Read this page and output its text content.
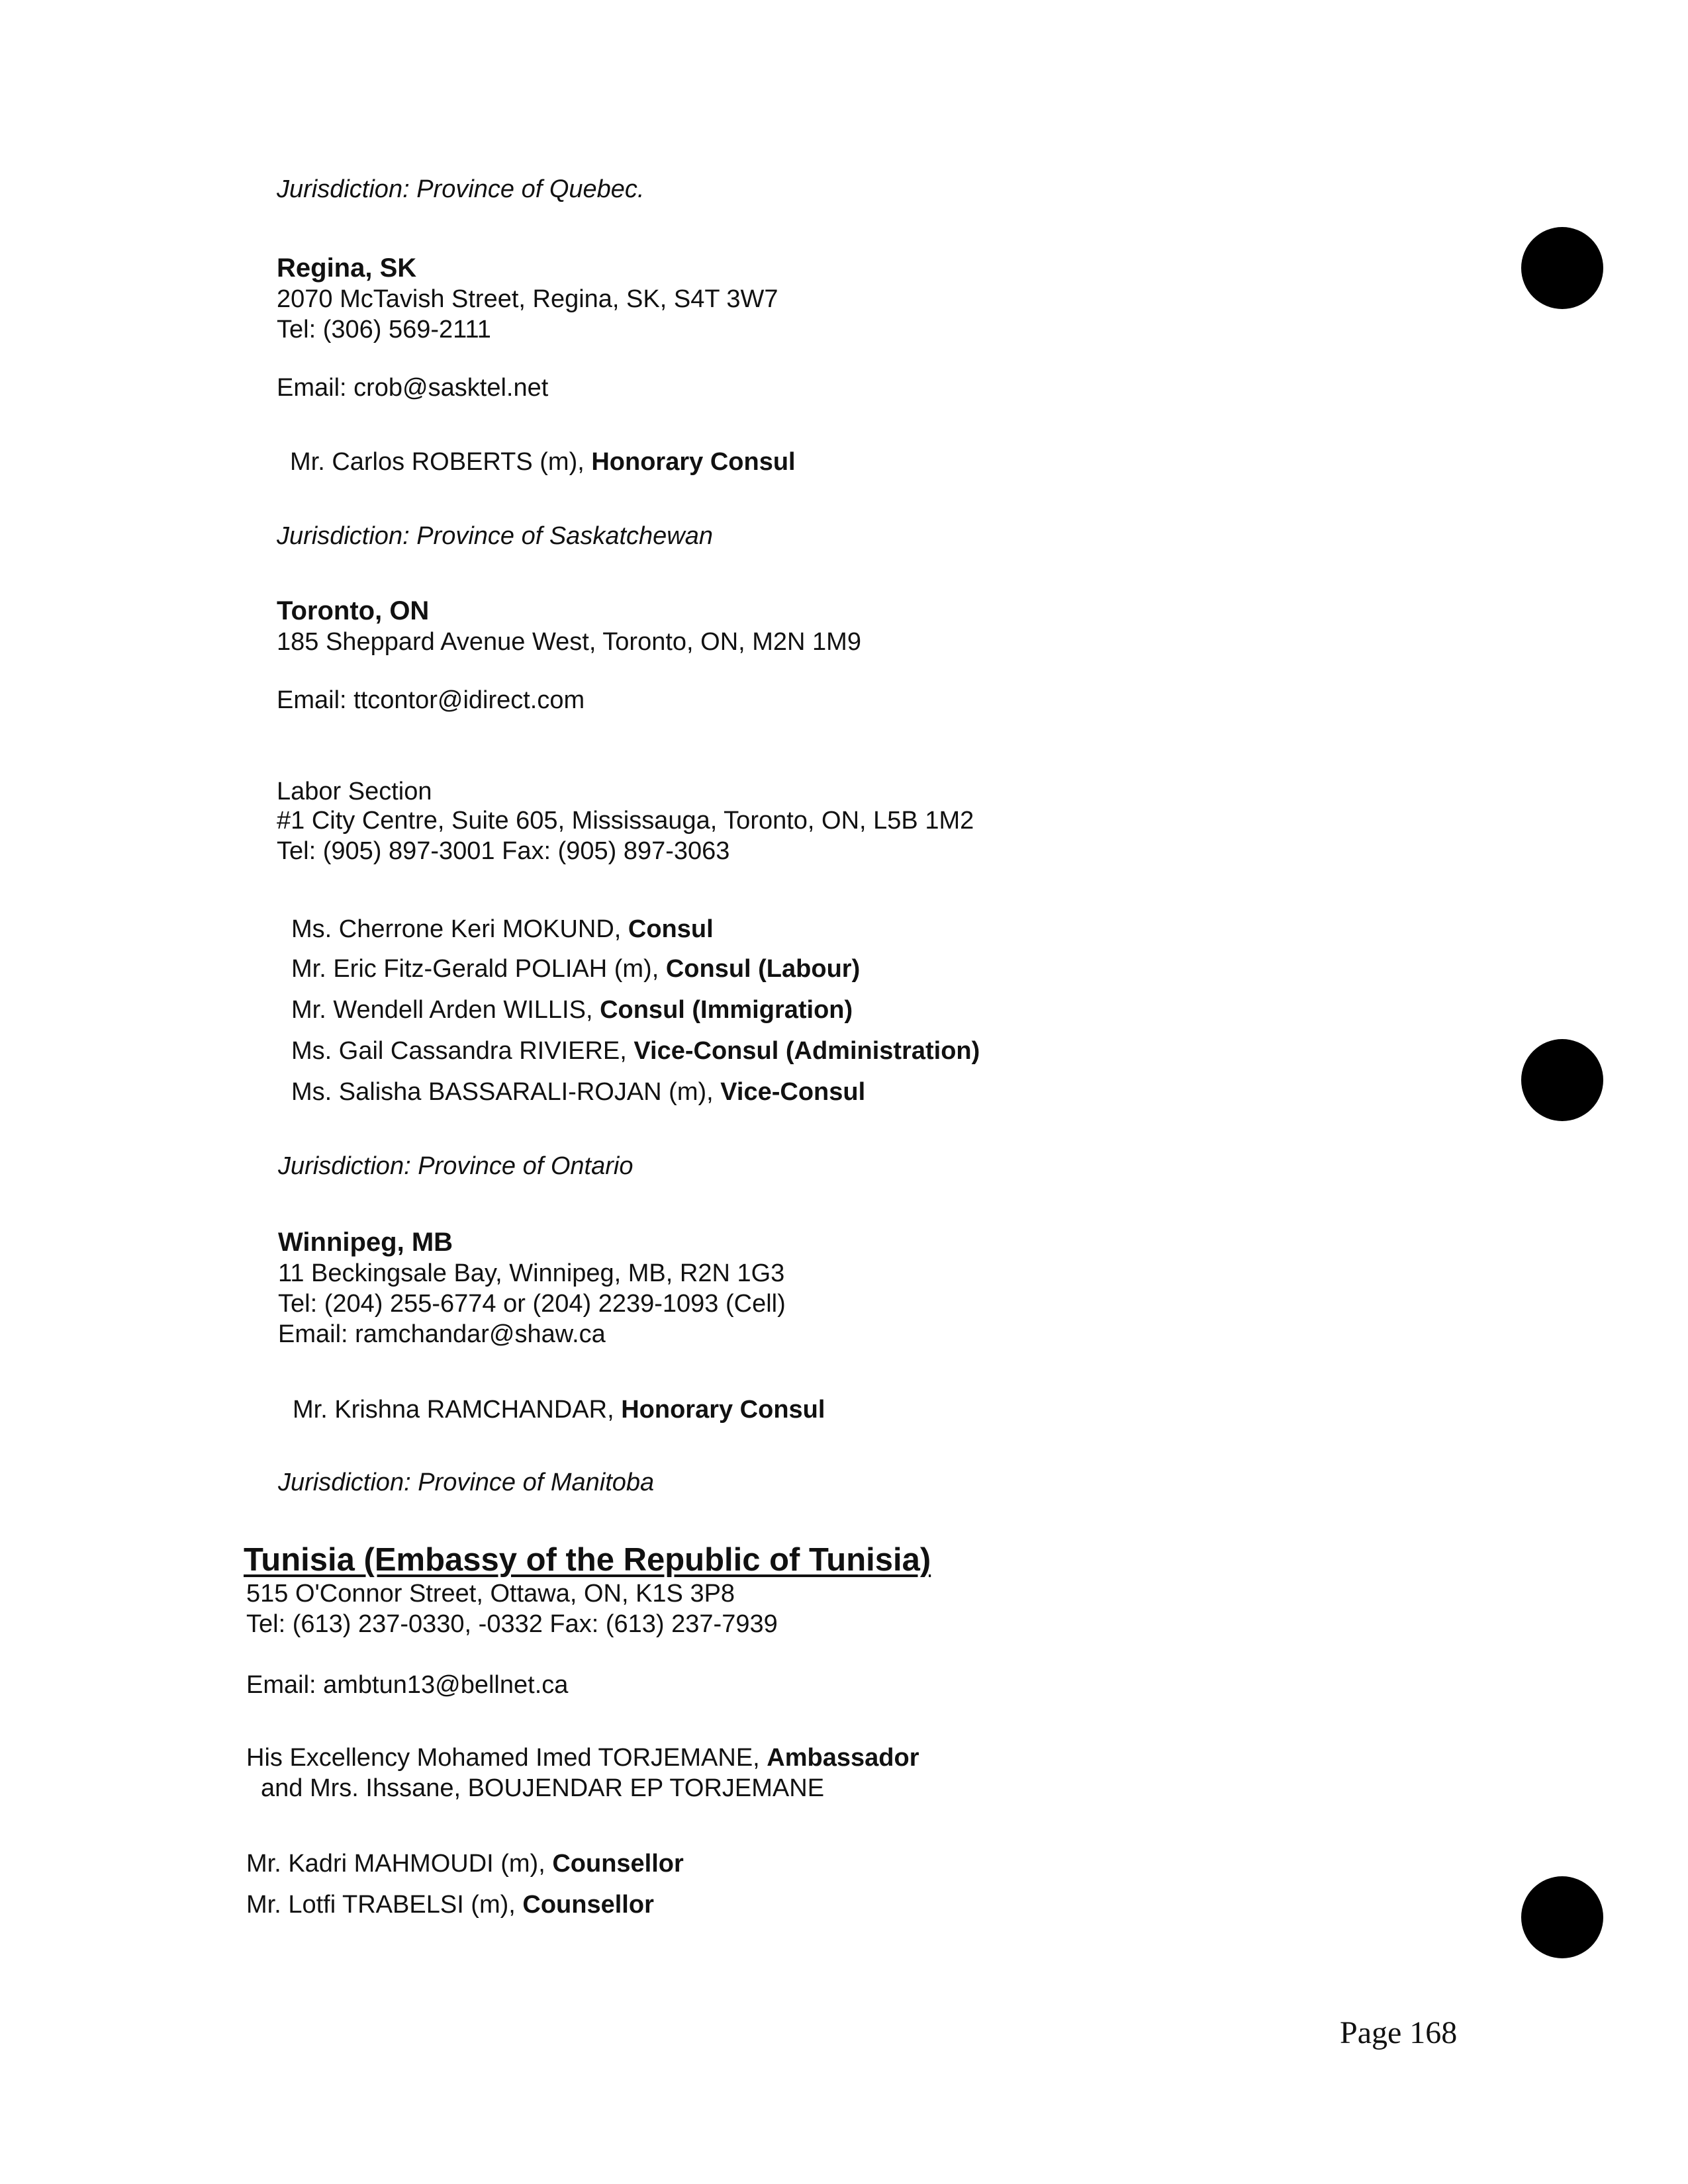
Jurisdiction: Province of Quebec.
Regina, SK
2070 McTavish Street, Regina, SK, S4T 3W7
Tel: (306) 569-2111
Email: crob@sasktel.net
Mr. Carlos ROBERTS (m), Honorary Consul
Jurisdiction: Province of Saskatchewan
Toronto, ON
185 Sheppard Avenue West, Toronto, ON, M2N 1M9
Email: ttcontor@idirect.com
Labor Section
#1 City Centre, Suite 605, Mississauga, Toronto, ON, L5B 1M2
Tel: (905) 897-3001 Fax: (905) 897-3063
Ms. Cherrone Keri MOKUND, Consul
Mr. Eric Fitz-Gerald POLIAH (m), Consul (Labour)
Mr. Wendell Arden WILLIS, Consul (Immigration)
Ms. Gail Cassandra RIVIERE, Vice-Consul (Administration)
Ms. Salisha BASSARALI-ROJAN (m), Vice-Consul
Jurisdiction: Province of Ontario
Winnipeg, MB
11 Beckingsale Bay, Winnipeg, MB, R2N 1G3
Tel: (204) 255-6774 or (204) 2239-1093 (Cell)
Email: ramchandar@shaw.ca
Mr. Krishna RAMCHANDAR, Honorary Consul
Jurisdiction: Province of Manitoba
Tunisia (Embassy of the Republic of Tunisia)
515 O'Connor Street, Ottawa, ON, K1S 3P8
Tel: (613) 237-0330, -0332 Fax: (613) 237-7939
Email: ambtun13@bellnet.ca
His Excellency Mohamed Imed TORJEMANE, Ambassador
and Mrs. Ihssane, BOUJENDAR EP TORJEMANE
Mr. Kadri MAHMOUDI (m), Counsellor
Mr. Lotfi TRABELSI (m), Counsellor
Page 168
